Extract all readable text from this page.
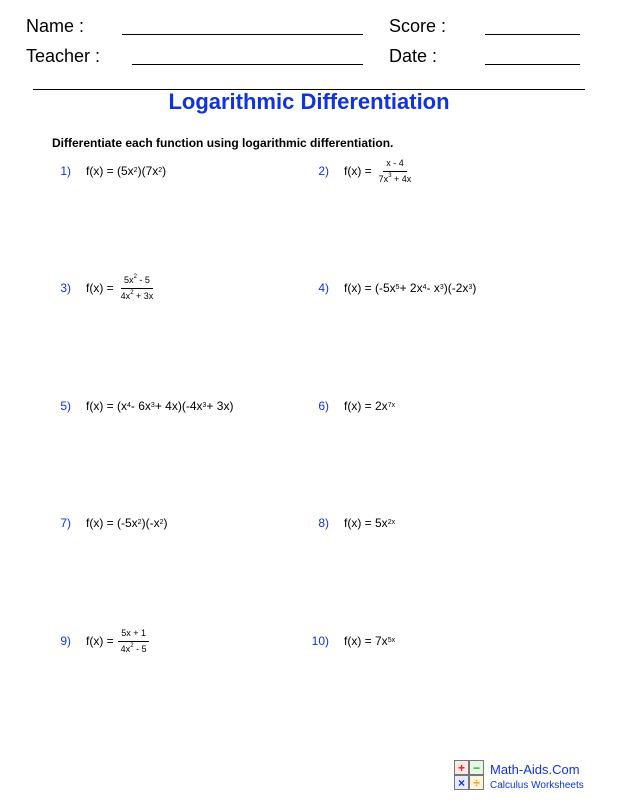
Name :
Teacher :
Score :
Date :
Logarithmic Differentiation
Differentiate each function using logarithmic differentiation.
1) f(x) = (5x 2 )(7x 2 )	2) $f(x) = \frac{x - 4}{7x^3 + 4x}$
3) $f(x) = \frac{5x^2 - 5}{4x^2 + 3x}$	4) f(x) = (-5x 5 + 2x 4 - x 3 )(-2x 3 )
5) f(x) = (x 4 - 6x 3 + 4x)(-4x 3 + 3x)	6) f(x) = 2x 7x
7) f(x) = (-5x 2 )(-x 2 )	8) f(x) = 5x 2x
9) $f(x) = \frac{5x + 1}{4x^2 - 5}$	10) f(x) = 7x 5x
+ −
× ÷
Math-Aids.Com
Calculus Worksheets
